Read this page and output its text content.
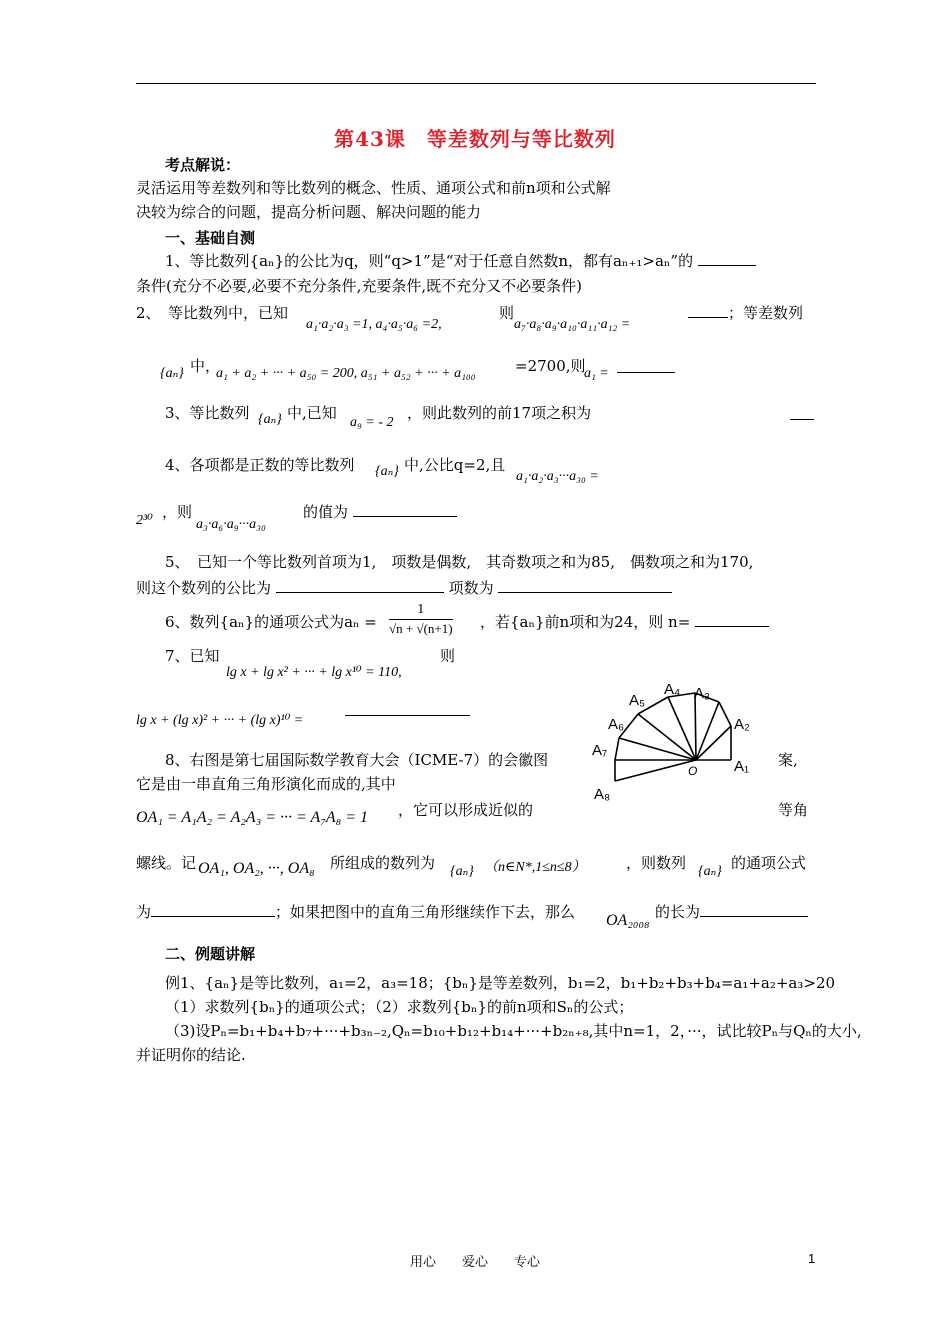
第43课　等差数列与等比数列
考点解说：
灵活运用等差数列和等比数列的概念、性质、通项公式和前n项和公式解
决较为综合的问题，提高分析问题、解决问题的能力
一、基础自测
1、等比数列{aₙ}的公比为q，则“q>1”是“对于任意自然数n，都有aₙ₊₁>aₙ”的
条件(充分不必要,必要不充分条件,充要条件,既不充分又不必要条件)
2、　等比数列中，已知
a₁·a₂·a₃ =1, a₄·a₅·a₆ =2,
则
a₇·a₈·a₉·a₁₀·a₁₁·a₁₂ =
；等差数列
{aₙ} 中，
a₁ + a₂ + ··· + a₅₀ = 200, a₅₁ + a₅₂ + ··· + a₁₀₀	=2700,则
a₁ =
3、等比数列 {aₙ} 中,已知
a₉ = - 2
，则此数列的前17项之积为
4、各项都是正数的等比数列 {aₙ} 中,公比q=2,且
a₁·a₂·a₃···a₃₀ =
2³⁰ ，则
a₃·a₆·a₉···a₃₀
的值为
5、　已知一个等比数列首项为1,　项数是偶数,　其奇数项之和为85,　偶数项之和为170,
则这个数列的公比为	项数为
6、数列{aₙ}的通项公式为$a_n = \frac{1}{√n + √(n+1)}$ ，若{aₙ}前n项和为24，则 n=
7、已知	则
lg x + lg x² + ··· + lg x¹⁰ = 110,
lg x + (lg x)² + ··· + (lg x)¹⁰ =
8、右图是第七届国际数学教育大会（ICME-7）的会徽图	案,
它是由一串直角三角形演化而成的,其中
OA₁ = A₁A₂ = A₂A₃ = ··· = A₇A₈ = 1 ，它可以形成近似的	等角
螺线。记 OA₁, OA₂, ···, OA₈ 所组成的数列为 {aₙ} （n∈N*,1≤n≤8）	，则数列 {aₙ} 的通项公式
为	；如果把图中的直角三角形继续作下去，那么 OA₂₀₀₈ 的长为
A₁
A₂
A₃
A₄
A₅
A₆
A₇
A₈
O
二、例题讲解
例1、{aₙ}是等比数列，a₁=2，a₃=18；{bₙ}是等差数列，b₁=2，b₁+b₂+b₃+b₄=a₁+a₂+a₃>20
（1）求数列{bₙ}的通项公式；（2）求数列{bₙ}的前n项和Sₙ的公式；
（3)设Pₙ=b₁+b₄+b₇+···+b₃ₙ₋₂,Qₙ=b₁₀+b₁₂+b₁₄+···+b₂ₙ₊₈,其中n=1，2，···，试比较Pₙ与Qₙ的大小,
并证明你的结论.
用心　　爱心　　专心	1
